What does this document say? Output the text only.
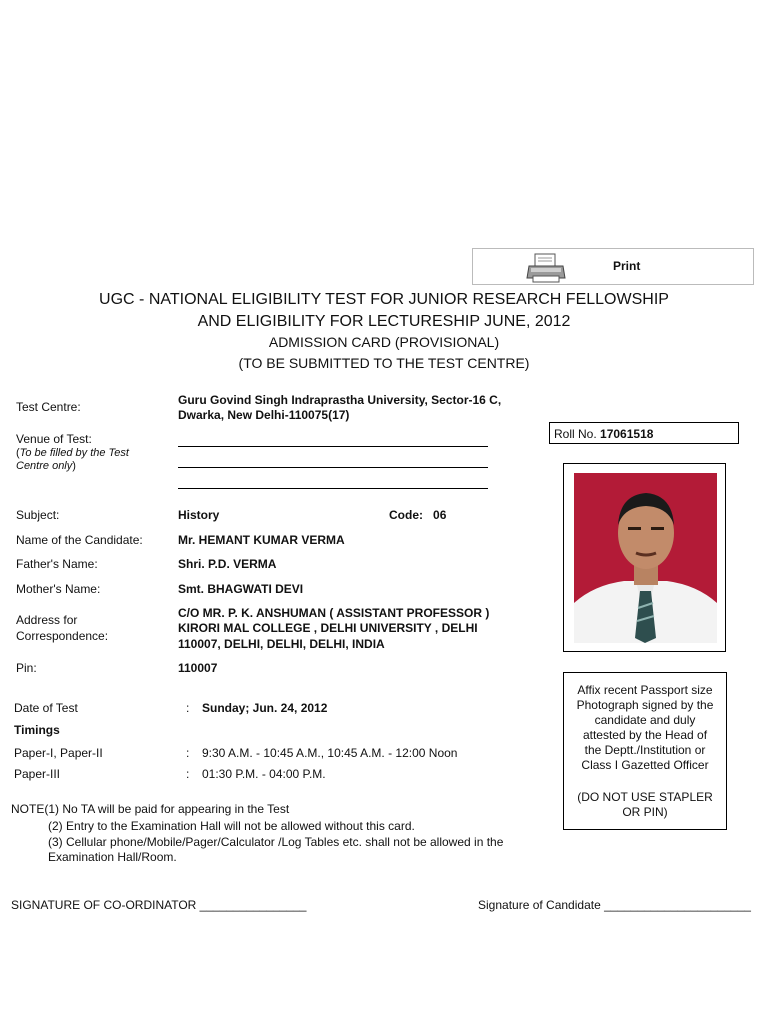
Print
UGC - NATIONAL ELIGIBILITY TEST FOR JUNIOR RESEARCH FELLOWSHIP
AND ELIGIBILITY FOR LECTURESHIP JUNE, 2012
ADMISSION CARD (PROVISIONAL)
(TO BE SUBMITTED TO THE TEST CENTRE)
Test Centre:	Guru Govind Singh Indraprastha University, Sector-16 C,
Dwarka, New Delhi-110075(17)
Roll No. 17061518
Venue of Test:
(To be filled by the Test
Centre only)
Subject:	History	Code: 06
Name of the Candidate:	Mr. HEMANT KUMAR VERMA
Father's Name:	Shri. P.D. VERMA
Mother's Name:	Smt. BHAGWATI DEVI
Address for
Correspondence:
C/O MR. P. K. ANSHUMAN ( ASSISTANT PROFESSOR )
KIRORI MAL COLLEGE , DELHI UNIVERSITY , DELHI
110007, DELHI, DELHI, DELHI, INDIA
Pin:	110007
Affix recent Passport size
Photograph signed by the
candidate and duly
attested by the Head of
the Deptt./Institution or
Class I Gazetted Officer
(DO NOT USE STAPLER
OR PIN)
Date of Test	: Sunday; Jun. 24, 2012
Timings
Paper-I, Paper-II	: 9:30 A.M. - 10:45 A.M., 10:45 A.M. - 12:00 Noon
Paper-III	: 01:30 P.M. - 04:00 P.M.
NOTE(1) No TA will be paid for appearing in the Test
(2) Entry to the Examination Hall will not be allowed without this card.
(3) Cellular phone/Mobile/Pager/Calculator /Log Tables etc. shall not be allowed in the
Examination Hall/Room.
SIGNATURE OF CO-ORDINATOR ________________	Signature of Candidate ______________________
